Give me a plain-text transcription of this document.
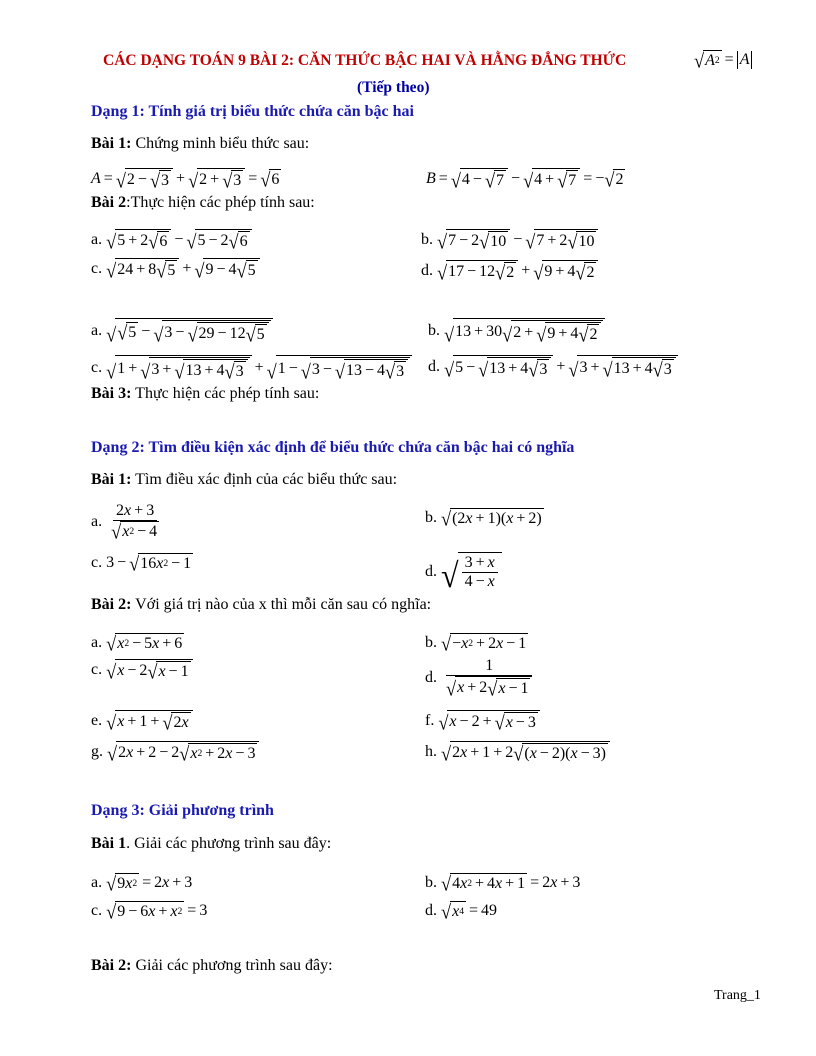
CÁC DẠNG TOÁN 9 BÀI 2: CĂN THỨC BẬC HAI VÀ HẰNG ĐẲNG THỨC	√ A 2 = A
(Tiếp theo)
Dạng 1: Tính giá trị biểu thức chứa căn bậc hai
Bài 1: Chứng minh biểu thức sau:
A = √ 2 − √ 3 + √ 2 + √ 3 = √ 6	B = √ 4 − √ 7 − √ 4 + √ 7 = − √ 2
Bài 2:Thực hiện các phép tính sau:
a. √ 5 + 2 √ 6 − √ 5 − 2 √ 6	b. √ 7 − 2 √ 10 − √ 7 + 2 √ 10
c. √ 24 + 8 √ 5 + √ 9 − 4 √ 5	d. √ 17 − 12 √ 2 + √ 9 + 4 √ 2
a. √ √ 5 − √ 3 − √ 29 − 12 √ 5	b. √ 13 + 30 √ 2 + √ 9 + 4 √ 2
c. √ 1 + √ 3 + √ 13 + 4 √ 3 + √ 1 − √ 3 − √ 13 − 4 √ 3 d. √ 5 − √ 13 + 4 √ 3 + √ 3 + √ 13 + 4 √ 3
Bài 3: Thực hiện các phép tính sau:
Dạng 2: Tìm điều kiện xác định để biểu thức chứa căn bậc hai có nghĩa
Bài 1: Tìm điều xác định của các biểu thức sau:
a. $\frac{2 x + 3}{√ x 2 - 4}$	b. √ (2 x + 1)( x + 2)
c. 3 − √ 16 x 2 − 1	d. √ $\frac{3 + x}{4 - x}$
Bài 2: Với giá trị nào của x thì mỗi căn sau có nghĩa:
a. √ x 2 − 5 x + 6	b. √ − x 2 + 2 x − 1
c. √ x − 2 √ x − 1	d. $\frac{1}{√ x + 2 √ x - 1}$
e. √ x + 1 + √ 2 x	f. √ x − 2 + √ x − 3
g. √ 2 x + 2 − 2 √ x 2 + 2 x − 3	h. √ 2 x + 1 + 2 √ ( x − 2)( x − 3)
Dạng 3: Giải phương trình
Bài 1. Giải các phương trình sau đây:
a. √ 9 x 2 = 2 x + 3	b. √ 4 x 2 + 4 x + 1 = 2 x + 3
c. √ 9 − 6 x + x 2 = 3	d. √ x 4 = 49
Bài 2: Giải các phương trình sau đây:
Trang_1
